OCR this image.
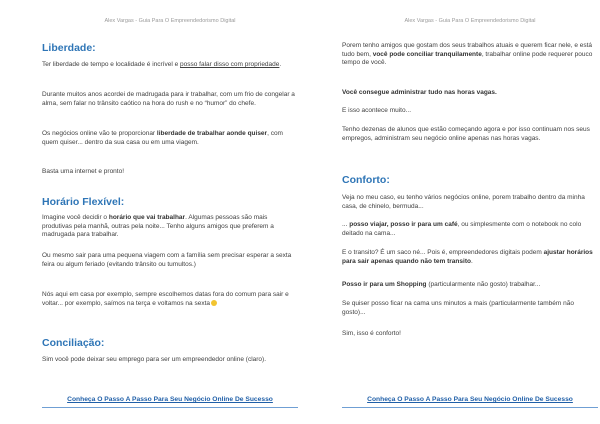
Alex Vargas - Guia Para O Empreendedorismo Digital
Liberdade:

Ter liberdade de tempo e localidade é incrível e posso falar disso com propriedade.

Durante muitos anos acordei de madrugada para ir trabalhar, com um frio de congelar a alma, sem falar no trânsito caótico na hora do rush e no “humor” do chefe.

Os negócios online vão te proporcionar liberdade de trabalhar aonde quiser, com quem quiser... dentro da sua casa ou em uma viagem.

Basta uma internet e pronto!

Horário Flexível:

Imagine você decidir o horário que vai trabalhar. Algumas pessoas são mais produtivas pela manhã, outras pela noite... Tenho alguns amigos que preferem a madrugada para trabalhar.

Ou mesmo sair para uma pequena viagem com a família sem precisar esperar a sexta feira ou algum feriado (evitando trânsito ou tumultos.)

Nós aqui em casa por exemplo, sempre escolhemos datas fora do comum para sair e voltar... por exemplo, saímos na terça e voltamos na sexta

Conciliação:

Sim você pode deixar seu emprego para ser um empreendedor online (claro).

Conheça O Passo A Passo Para Seu Negócio Online De Sucesso
Alex Vargas - Guia Para O Empreendedorismo Digital

Porem tenho amigos que gostam dos seus trabalhos atuais e querem ficar nele, e está tudo bem, você pode conciliar tranquilamente, trabalhar online pode requerer pouco tempo de você.

Você consegue administrar tudo nas horas vagas.

E isso acontece muito...

Tenho dezenas de alunos que estão começando agora e por isso continuam nos seus empregos, administram seu negócio online apenas nas horas vagas.

Conforto:

Veja no meu caso, eu tenho vários negócios online, porem trabalho dentro da minha casa, de chinelo, bermuda...

... posso viajar, posso ir para um café, ou simplesmente com o notebook no colo deitado na cama...

E o transito? É um saco né... Pois é, empreendedores digitais podem ajustar horários para sair apenas quando não tem transito.

Posso ir para um Shopping (particularmente não gosto) trabalhar...

Se quiser posso ficar na cama uns minutos a mais (particularmente também não gosto)...

Sim, isso é conforto!

Conheça O Passo A Passo Para Seu Negócio Online De Sucesso
